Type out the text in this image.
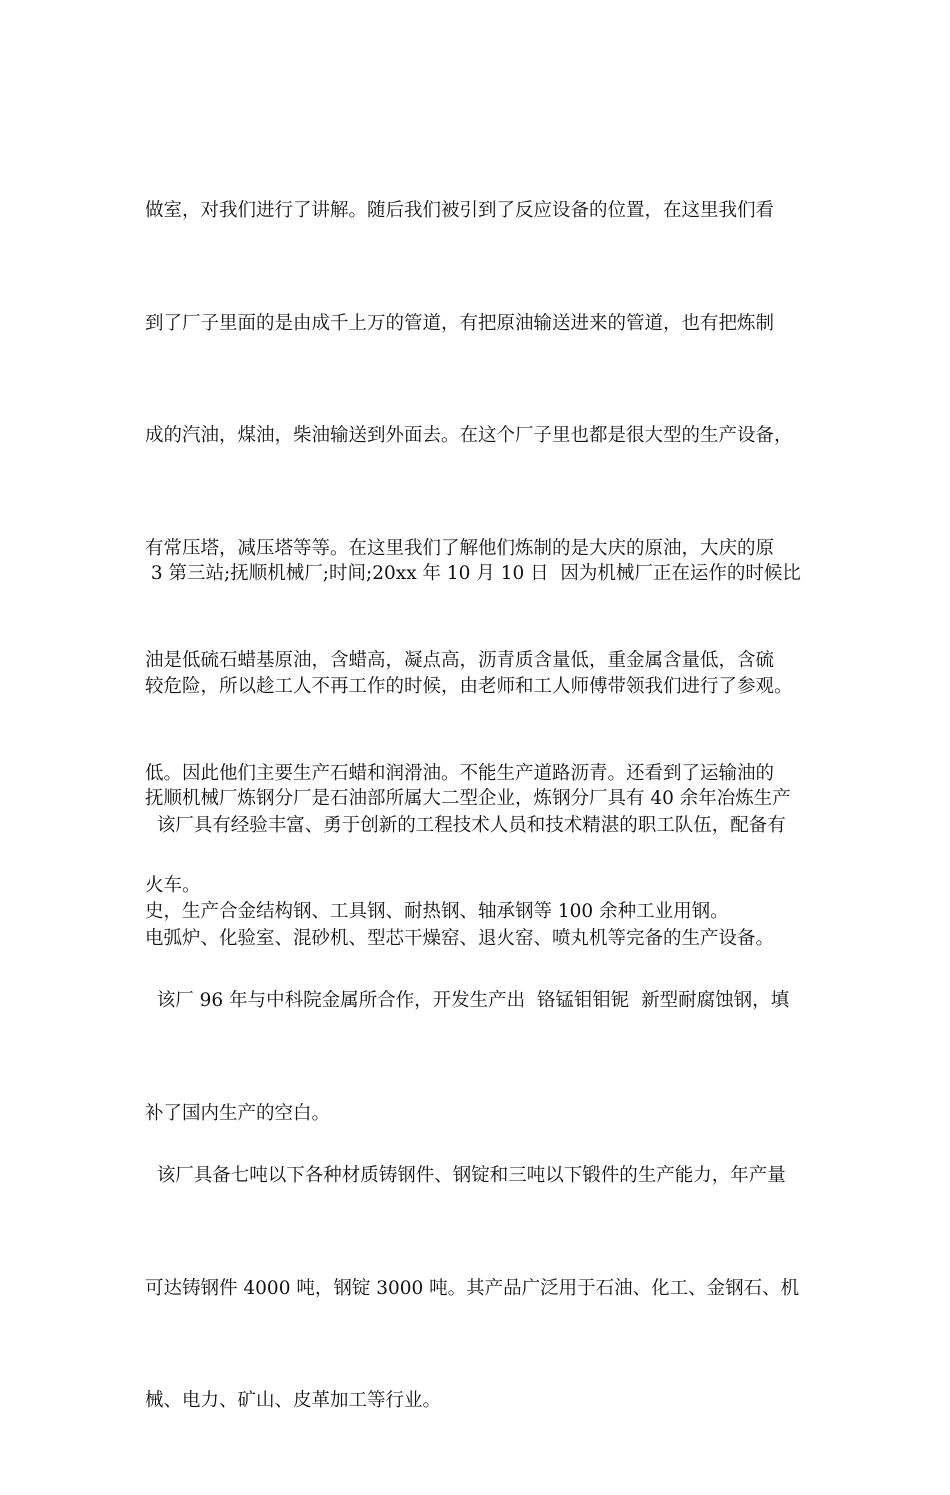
做室，对我们进行了讲解。随后我们被引到了反应设备的位置，在这里我们看

到了厂子里面的是由成千上万的管道，有把原油输送进来的管道，也有把炼制

成的汽油，煤油，柴油输送到外面去。在这个厂子里也都是很大型的生产设备，

有常压塔，减压塔等等。在这里我们了解他们炼制的是大庆的原油，大庆的原

油是低硫石蜡基原油，含蜡高，凝点高，沥青质含量低，重金属含量低，含硫

低。因此他们主要生产石蜡和润滑油。不能生产道路沥青。还看到了运输油的

火车。

3 第三站;抚顺机械厂;时间;20xx 年 10 月 10 日  因为机械厂正在运作的时候比

较危险，所以趁工人不再工作的时候，由老师和工人师傅带领我们进行了参观。

抚顺机械厂炼钢分厂是石油部所属大二型企业，炼钢分厂具有 40 余年冶炼生产

史，生产合金结构钢、工具钢、耐热钢、轴承钢等 100 余种工业用钢。

该厂具有经验丰富、勇于创新的工程技术人员和技术精湛的职工队伍，配备有

电弧炉、化验室、混砂机、型芯干燥窑、退火窑、喷丸机等完备的生产设备。

该厂 96 年与中科院金属所合作，开发生产出  铬锰钼钼铌  新型耐腐蚀钢，填

补了国内生产的空白。

该厂具备七吨以下各种材质铸钢件、钢锭和三吨以下锻件的生产能力，年产量

可达铸钢件 4000 吨，钢锭 3000 吨。其产品广泛用于石油、化工、金钢石、机

械、电力、矿山、皮革加工等行业。
